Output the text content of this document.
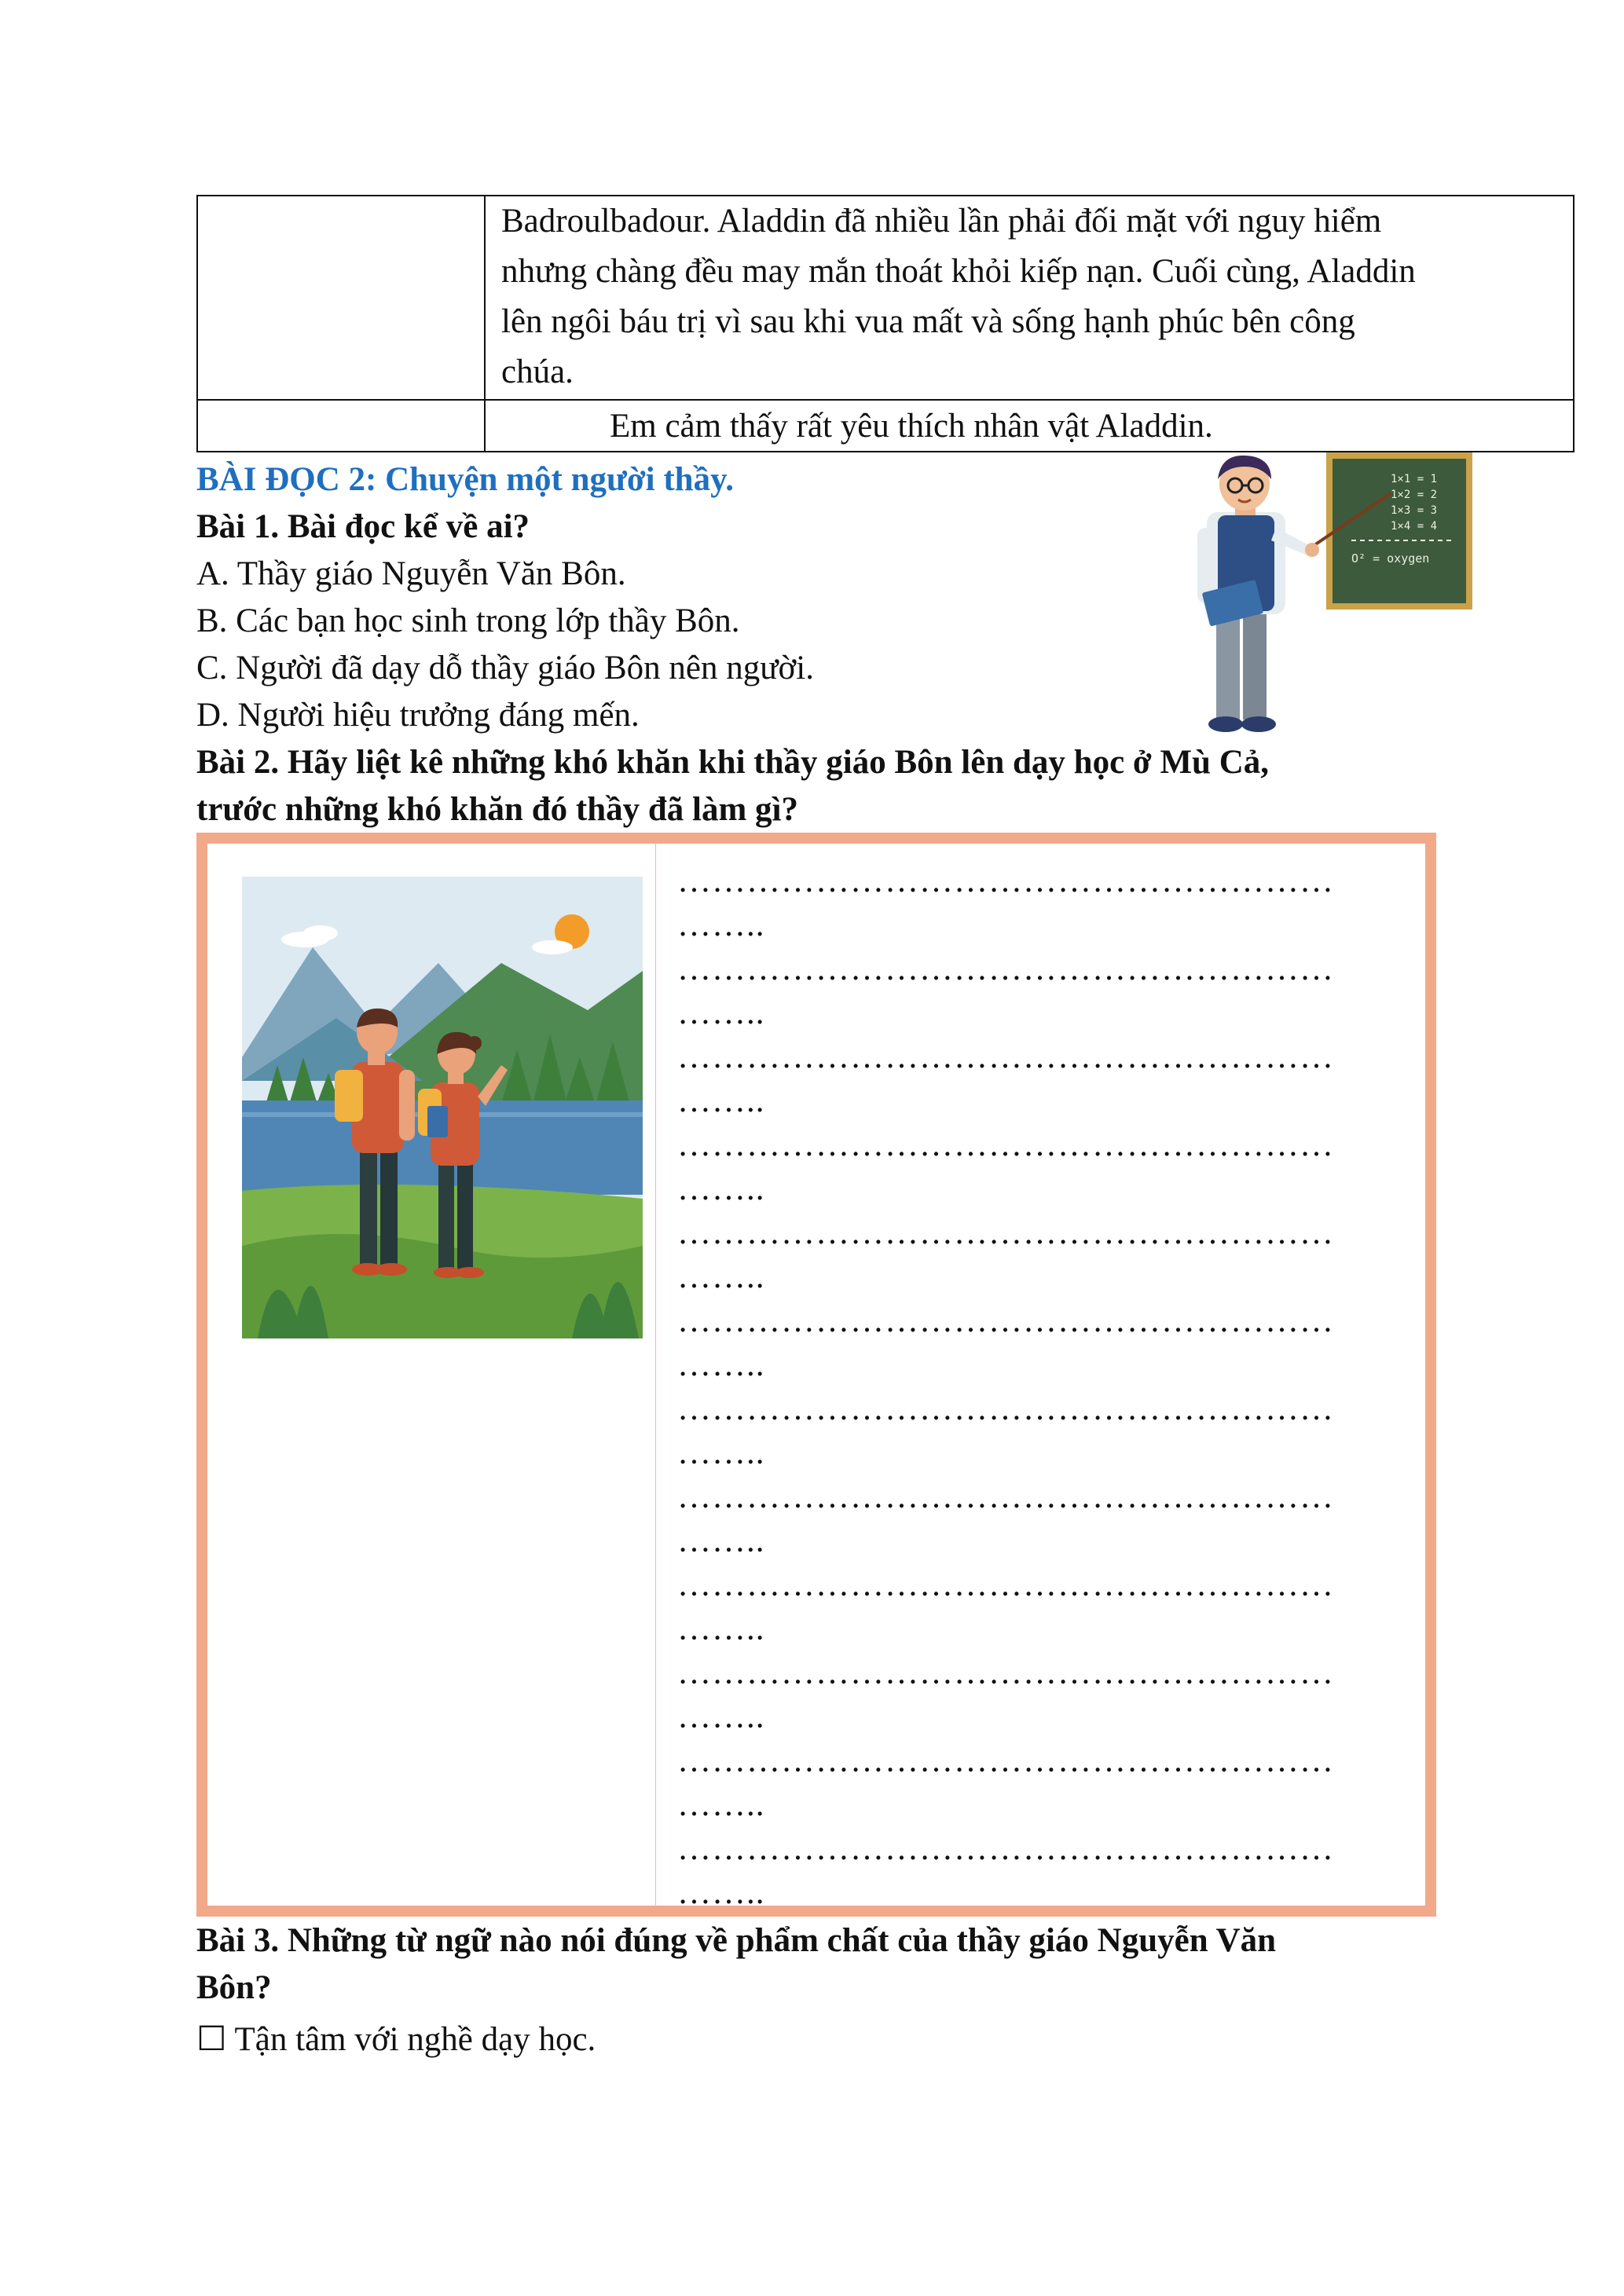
Badroulbadour. Aladdin đã nhiều lần phải đối mặt với nguy hiểm
nhưng chàng đều may mắn thoát khỏi kiếp nạn. Cuối cùng, Aladdin
lên ngôi báu trị vì sau khi vua mất và sống hạnh phúc bên công
chúa.
Em cảm thấy rất yêu thích nhân vật Aladdin.
BÀI ĐỌC 2: Chuyện một người thầy.
Bài 1. Bài đọc kể về ai?
A. Thầy giáo Nguyễn Văn Bôn.
B. Các bạn học sinh trong lớp thầy Bôn.
C. Người đã dạy dỗ thầy giáo Bôn nên người.
D. Người hiệu trưởng đáng mến.
1×1 = 1
1×2 = 2
1×3 = 3
1×4 = 4
O² = oxygen
Bài 2. Hãy liệt kê những khó khăn khi thầy giáo Bôn lên dạy học ở Mù Cả,
trước những khó khăn đó thầy đã làm gì?
…………………………………………………
……..
…………………………………………………
……..
…………………………………………………
……..
…………………………………………………
……..
…………………………………………………
……..
…………………………………………………
……..
…………………………………………………
……..
…………………………………………………
……..
…………………………………………………
……..
…………………………………………………
……..
…………………………………………………
……..
…………………………………………………
……..
Bài 3. Những từ ngữ nào nói đúng về phẩm chất của thầy giáo Nguyễn Văn
Bôn?
☐ Tận tâm với nghề dạy học.
